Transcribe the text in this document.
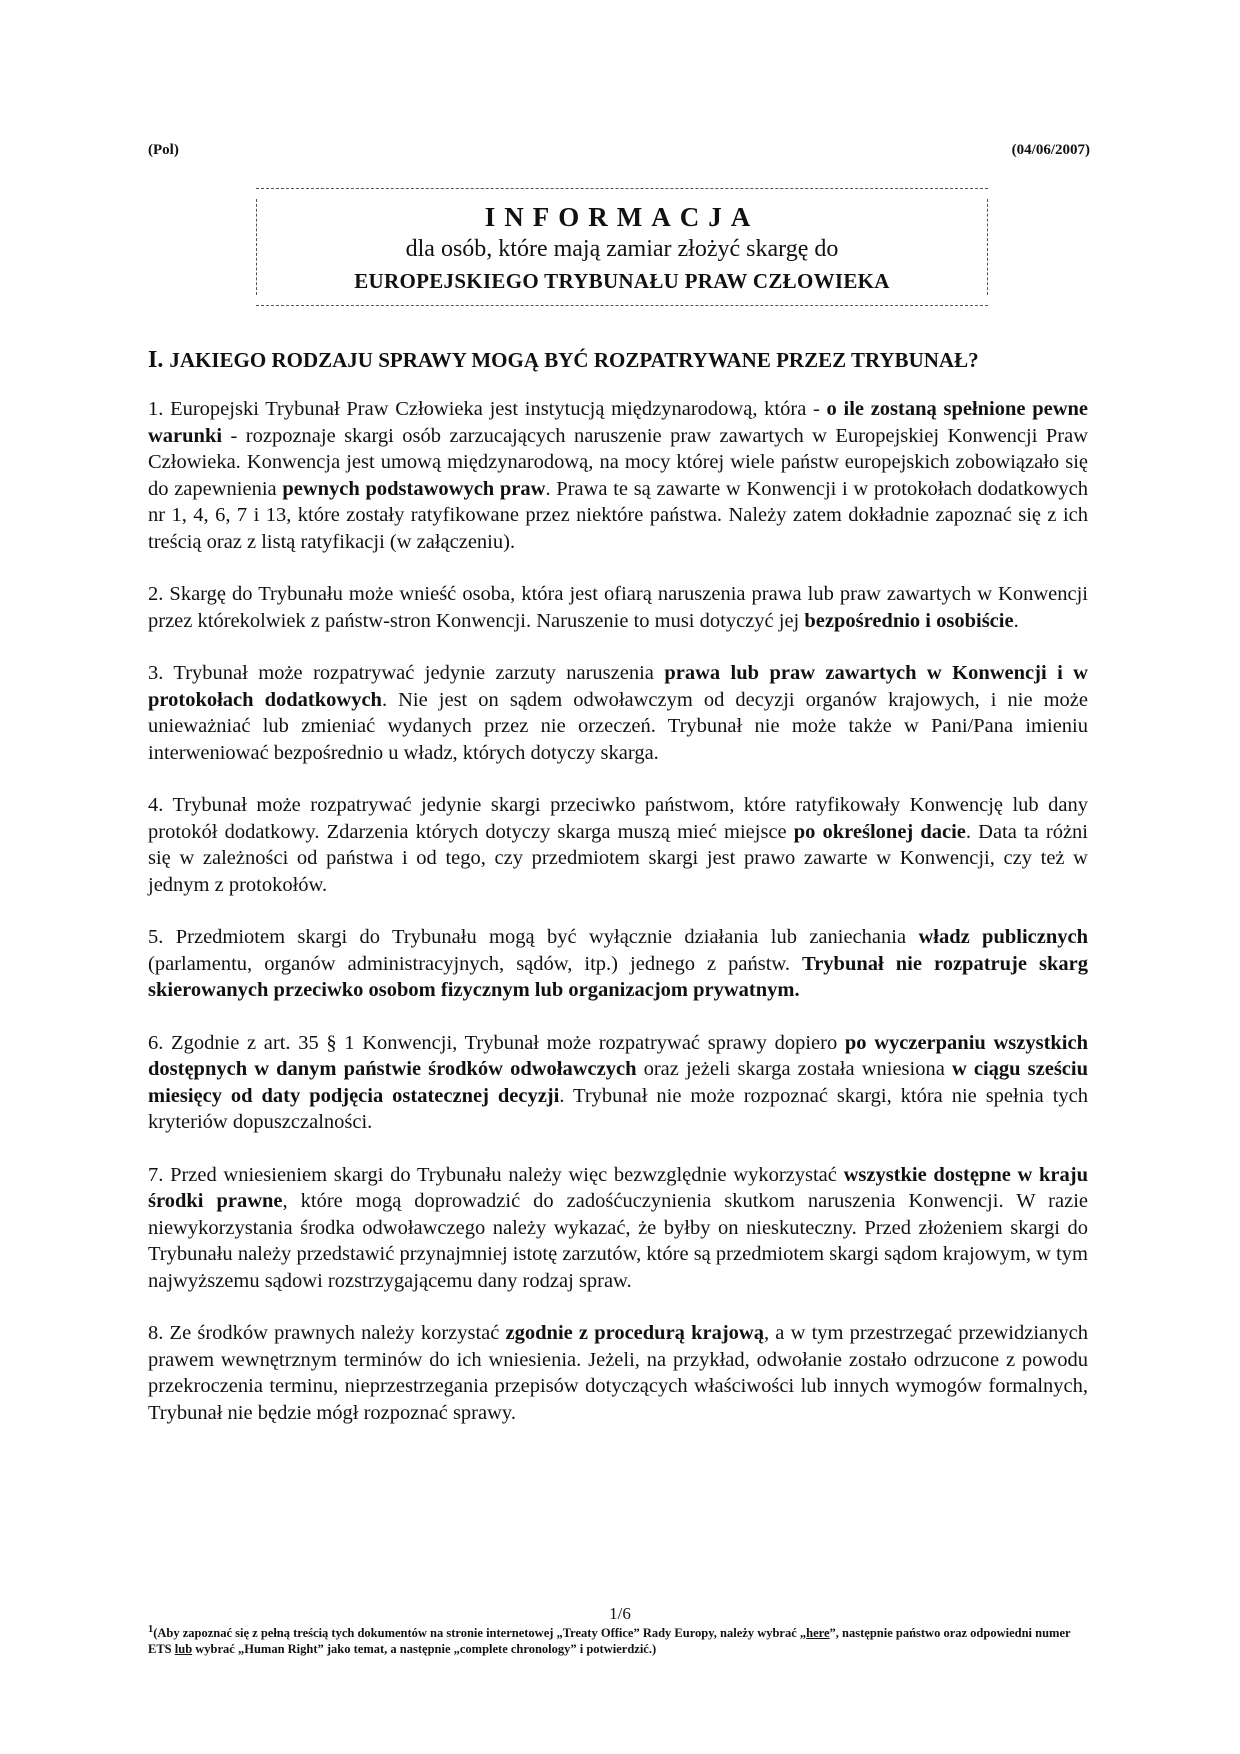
(Pol)	(04/06/2007)
INFORMACJA
dla osób, które mają zamiar złożyć skargę do
EUROPEJSKIEGO TRYBUNAŁU PRAW CZŁOWIEKA
I. JAKIEGO RODZAJU SPRAWY MOGĄ BYĆ ROZPATRYWANE PRZEZ TRYBUNAŁ?

1. Europejski Trybunał Praw Człowieka jest instytucją międzynarodową, która - o ile zostaną spełnione pewne warunki - rozpoznaje skargi osób zarzucających naruszenie praw zawartych w Europejskiej Konwencji Praw Człowieka. Konwencja jest umową międzynarodową, na mocy której wiele państw europejskich zobowiązało się do zapewnienia pewnych podstawowych praw. Prawa te są zawarte w Konwencji i w protokołach dodatkowych nr 1, 4, 6, 7 i 13, które zostały ratyfikowane przez niektóre państwa. Należy zatem dokładnie zapoznać się z ich treścią oraz z listą ratyfikacji (w załączeniu).

2. Skargę do Trybunału może wnieść osoba, która jest ofiarą naruszenia prawa lub praw zawartych w Konwencji przez którekolwiek z państw-stron Konwencji. Naruszenie to musi dotyczyć jej bezpośrednio i osobiście.

3. Trybunał może rozpatrywać jedynie zarzuty naruszenia prawa lub praw zawartych w Konwencji i w protokołach dodatkowych. Nie jest on sądem odwoławczym od decyzji organów krajowych, i nie może unieważniać lub zmieniać wydanych przez nie orzeczeń. Trybunał nie może także w Pani/Pana imieniu interweniować bezpośrednio u władz, których dotyczy skarga.

4. Trybunał może rozpatrywać jedynie skargi przeciwko państwom, które ratyfikowały Konwencję lub dany protokół dodatkowy. Zdarzenia których dotyczy skarga muszą mieć miejsce po określonej dacie. Data ta różni się w zależności od państwa i od tego, czy przedmiotem skargi jest prawo zawarte w Konwencji, czy też w jednym z protokołów.

5. Przedmiotem skargi do Trybunału mogą być wyłącznie działania lub zaniechania władz publicznych (parlamentu, organów administracyjnych, sądów, itp.) jednego z państw. Trybunał nie rozpatruje skarg skierowanych przeciwko osobom fizycznym lub organizacjom prywatnym.

6. Zgodnie z art. 35 § 1 Konwencji, Trybunał może rozpatrywać sprawy dopiero po wyczerpaniu wszystkich dostępnych w danym państwie środków odwoławczych oraz jeżeli skarga została wniesiona w ciągu sześciu miesięcy od daty podjęcia ostatecznej decyzji. Trybunał nie może rozpoznać skargi, która nie spełnia tych kryteriów dopuszczalności.

7. Przed wniesieniem skargi do Trybunału należy więc bezwzględnie wykorzystać wszystkie dostępne w kraju środki prawne, które mogą doprowadzić do zadośćuczynienia skutkom naruszenia Konwencji. W razie niewykorzystania środka odwoławczego należy wykazać, że byłby on nieskuteczny. Przed złożeniem skargi do Trybunału należy przedstawić przynajmniej istotę zarzutów, które są przedmiotem skargi sądom krajowym, w tym najwyższemu sądowi rozstrzygającemu dany rodzaj spraw.

8. Ze środków prawnych należy korzystać zgodnie z procedurą krajową, a w tym przestrzegać przewidzianych prawem wewnętrznym terminów do ich wniesienia. Jeżeli, na przykład, odwołanie zostało odrzucone z powodu przekroczenia terminu, nieprzestrzegania przepisów dotyczących właściwości lub innych wymogów formalnych, Trybunał nie będzie mógł rozpoznać sprawy.

1/6
$^1$(Aby zapoznać się z pełną treścią tych dokumentów na stronie internetowej „Treaty Office” Rady Europy, należy wybrać „here”, następnie państwo oraz odpowiedni numer ETS lub wybrać „Human Right” jako temat, a następnie „complete chronology” i potwierdzić.)
